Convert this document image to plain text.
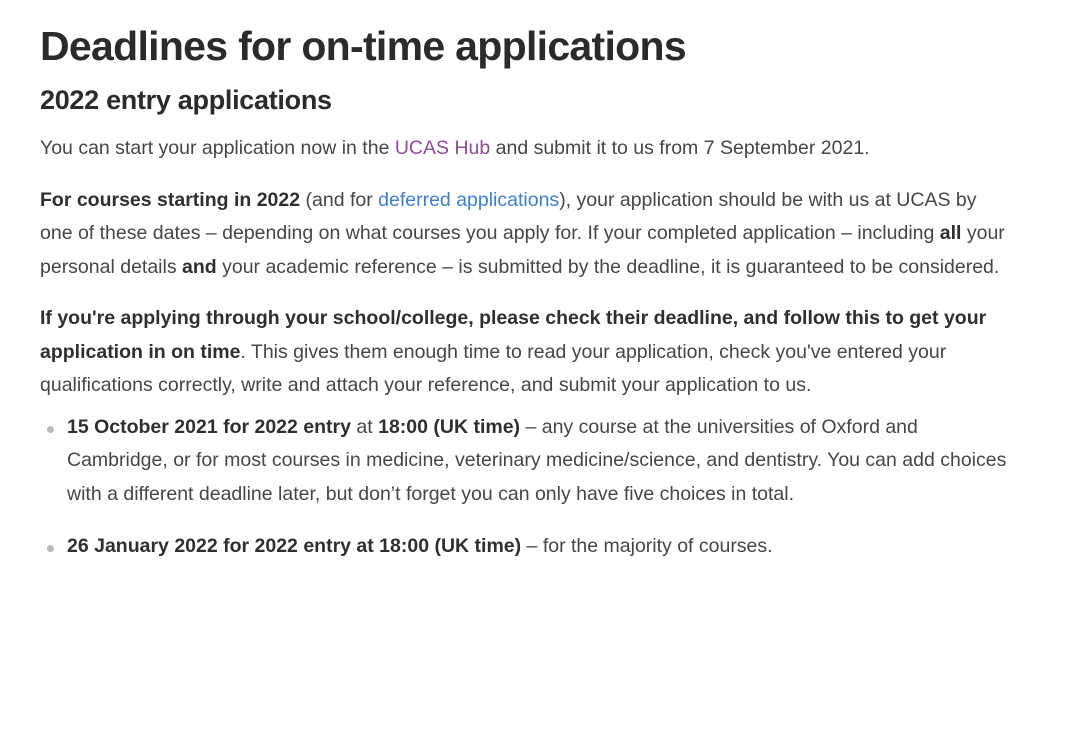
Deadlines for on-time applications
2022 entry applications

You can start your application now in the UCAS Hub and submit it to us from 7 September 2021.

For courses starting in 2022 (and for deferred applications), your application should be with us at UCAS by one of these dates – depending on what courses you apply for. If your completed application – including all your personal details and your academic reference – is submitted by the deadline, it is guaranteed to be considered.

If you're applying through your school/college, please check their deadline, and follow this to get your application in on time. This gives them enough time to read your application, check you've entered your qualifications correctly, write and attach your reference, and submit your application to us.

15 October 2021 for 2022 entry at 18:00 (UK time) – any course at the universities of Oxford and Cambridge, or for most courses in medicine, veterinary medicine/science, and dentistry. You can add choices with a different deadline later, but don’t forget you can only have five choices in total.
26 January 2022 for 2022 entry at 18:00 (UK time) – for the majority of courses.
